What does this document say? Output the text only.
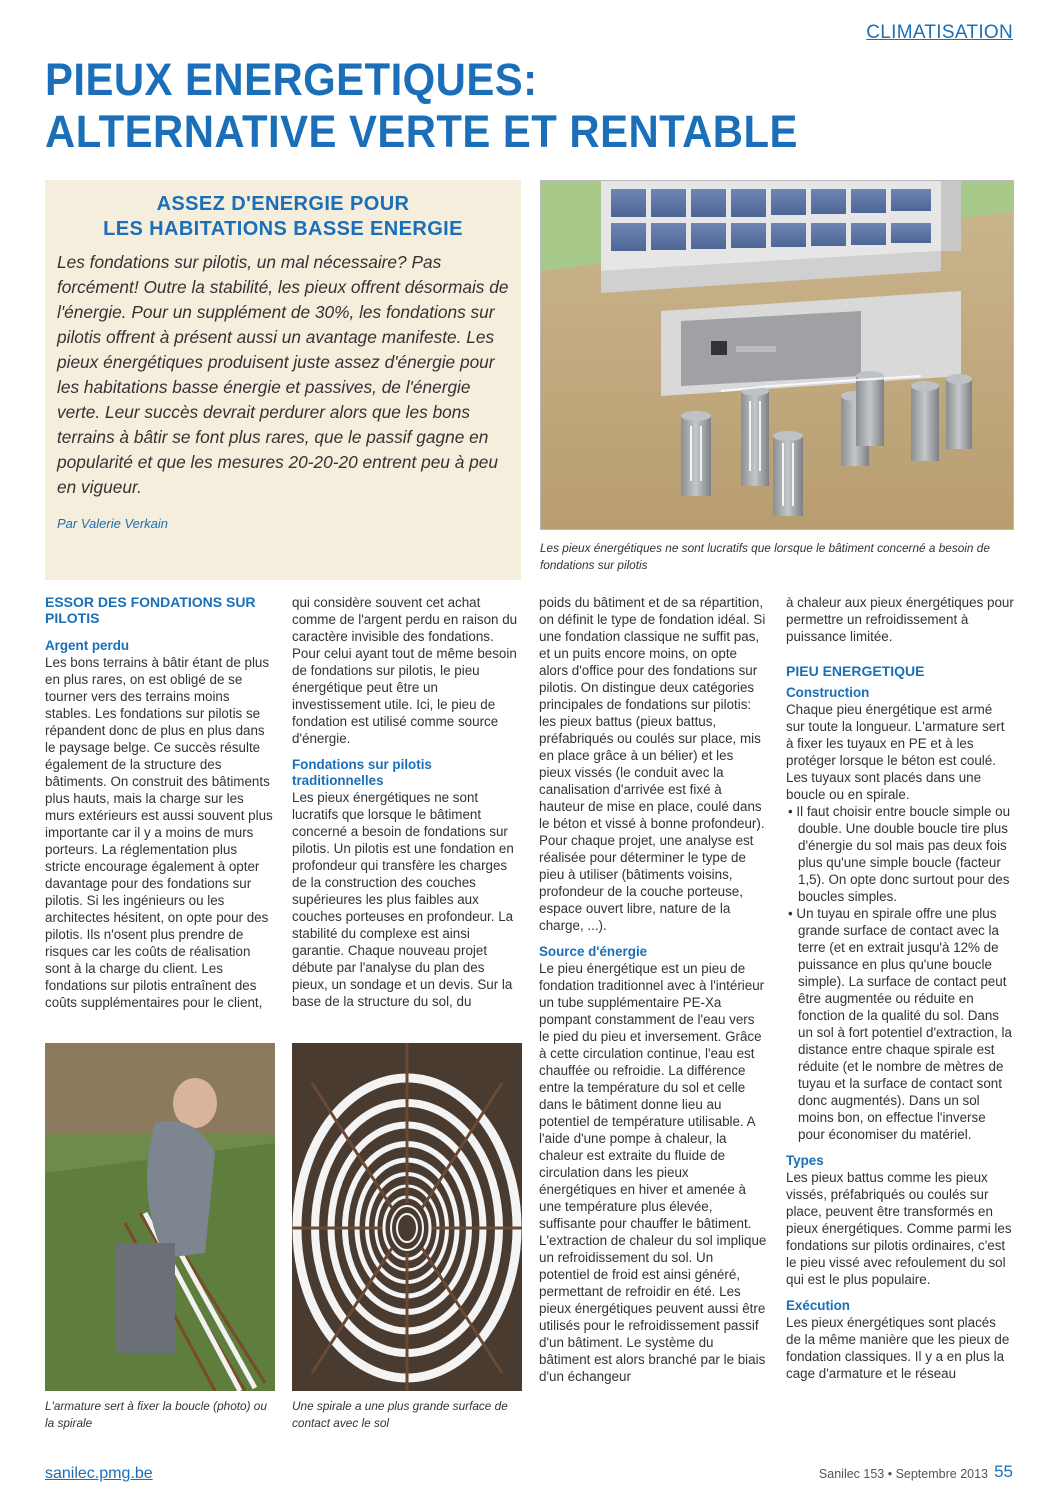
CLIMATISATION
PIEUX ENERGETIQUES:
ALTERNATIVE VERTE ET RENTABLE
ASSEZ D'ENERGIE POUR
LES HABITATIONS BASSE ENERGIE

Les fondations sur pilotis, un mal nécessaire? Pas forcément! Outre la stabilité, les pieux offrent désormais de l'énergie. Pour un supplément de 30%, les fondations sur pilotis offrent à présent aussi un avantage manifeste. Les pieux énergétiques produisent juste assez d'énergie pour les habitations basse énergie et passives, de l'énergie verte. Leur succès devrait perdurer alors que les bons terrains à bâtir se font plus rares, que le passif gagne en popularité et que les mesures 20-20-20 entrent peu à peu en vigueur.

Par Valerie Verkain

Les pieux énergétiques ne sont lucratifs que lorsque le bâtiment concerné a besoin de fondations sur pilotis

ESSOR DES FONDATIONS SUR PILOTIS
Argent perdu

Les bons terrains à bâtir étant de plus en plus rares, on est obligé de se tourner vers des terrains moins stables. Les fondations sur pilotis se répandent donc de plus en plus dans le paysage belge. Ce succès résulte également de la structure des bâtiments. On construit des bâtiments plus hauts, mais la charge sur les murs extérieurs est aussi souvent plus importante car il y a moins de murs porteurs. La réglementation plus stricte encourage également à opter davantage pour des fondations sur pilotis. Si les ingénieurs ou les architectes hésitent, on opte pour des pilotis. Ils n'osent plus prendre de risques car les coûts de réalisation sont à la charge du client. Les fondations sur pilotis entraînent des coûts supplémentaires pour le client,

qui considère souvent cet achat comme de l'argent perdu en raison du caractère invisible des fondations. Pour celui ayant tout de même besoin de fondations sur pilotis, le pieu énergétique peut être un investissement utile. Ici, le pieu de fondation est utilisé comme source d'énergie.

Fondations sur pilotis traditionnelles

Les pieux énergétiques ne sont lucratifs que lorsque le bâtiment concerné a besoin de fondations sur pilotis. Un pilotis est une fondation en profondeur qui transfère les charges de la construction des couches supérieures les plus faibles aux couches porteuses en profondeur. La stabilité du complexe est ainsi garantie. Chaque nouveau projet débute par l'analyse du plan des pieux, un sondage et un devis. Sur la base de la structure du sol, du

poids du bâtiment et de sa répartition, on définit le type de fondation idéal. Si une fondation classique ne suffit pas, et un puits encore moins, on opte alors d'office pour des fondations sur pilotis. On distingue deux catégories principales de fondations sur pilotis: les pieux battus (pieux battus, préfabriqués ou coulés sur place, mis en place grâce à un bélier) et les pieux vissés (le conduit avec la canalisation d'arrivée est fixé à hauteur de mise en place, coulé dans le béton et vissé à bonne profondeur). Pour chaque projet, une analyse est réalisée pour déterminer le type de pieu à utiliser (bâtiments voisins, profondeur de la couche porteuse, espace ouvert libre, nature de la charge, ...).

Source d'énergie

Le pieu énergétique est un pieu de fondation traditionnel avec à l'intérieur un tube supplémentaire PE-Xa pompant constamment de l'eau vers le pied du pieu et inversement. Grâce à cette circulation continue, l'eau est chauffée ou refroidie. La différence entre la température du sol et celle dans le bâtiment donne lieu au potentiel de température utilisable. A l'aide d'une pompe à chaleur, la chaleur est extraite du fluide de circulation dans les pieux énergétiques en hiver et amenée à une température plus élevée, suffisante pour chauffer le bâtiment. L'extraction de chaleur du sol implique un refroidissement du sol. Un potentiel de froid est ainsi généré, permettant de refroidir en été. Les pieux énergétiques peuvent aussi être utilisés pour le refroidissement passif d'un bâtiment. Le système du bâtiment est alors branché par le biais d'un échangeur

à chaleur aux pieux énergétiques pour permettre un refroidissement à puissance limitée.

PIEU ENERGETIQUE
Construction

Chaque pieu énergétique est armé sur toute la longueur. L'armature sert à fixer les tuyaux en PE et à les protéger lorsque le béton est coulé. Les tuyaux sont placés dans une boucle ou en spirale.

• Il faut choisir entre boucle simple ou double. Une double boucle tire plus d'énergie du sol mais pas deux fois plus qu'une simple boucle (facteur 1,5). On opte donc surtout pour des boucles simples.

• Un tuyau en spirale offre une plus grande surface de contact avec la terre (et en extrait jusqu'à 12% de puissance en plus qu'une boucle simple). La surface de contact peut être augmentée ou réduite en fonction de la qualité du sol. Dans un sol à fort potentiel d'extraction, la distance entre chaque spirale est réduite (et le nombre de mètres de tuyau et la surface de contact sont donc augmentés). Dans un sol moins bon, on effectue l'inverse pour économiser du matériel.

Types

Les pieux battus comme les pieux vissés, préfabriqués ou coulés sur place, peuvent être transformés en pieux énergétiques. Comme parmi les fondations sur pilotis ordinaires, c'est le pieu vissé avec refoulement du sol qui est le plus populaire.

Exécution

Les pieux énergétiques sont placés de la même manière que les pieux de fondation classiques. Il y a en plus la cage d'armature et le réseau

L'armature sert à fixer la boucle (photo) ou la spirale

Une spirale a une plus grande surface de contact avec le sol

sanilec.pmg.be	Sanilec 153 • Septembre 2013 55
